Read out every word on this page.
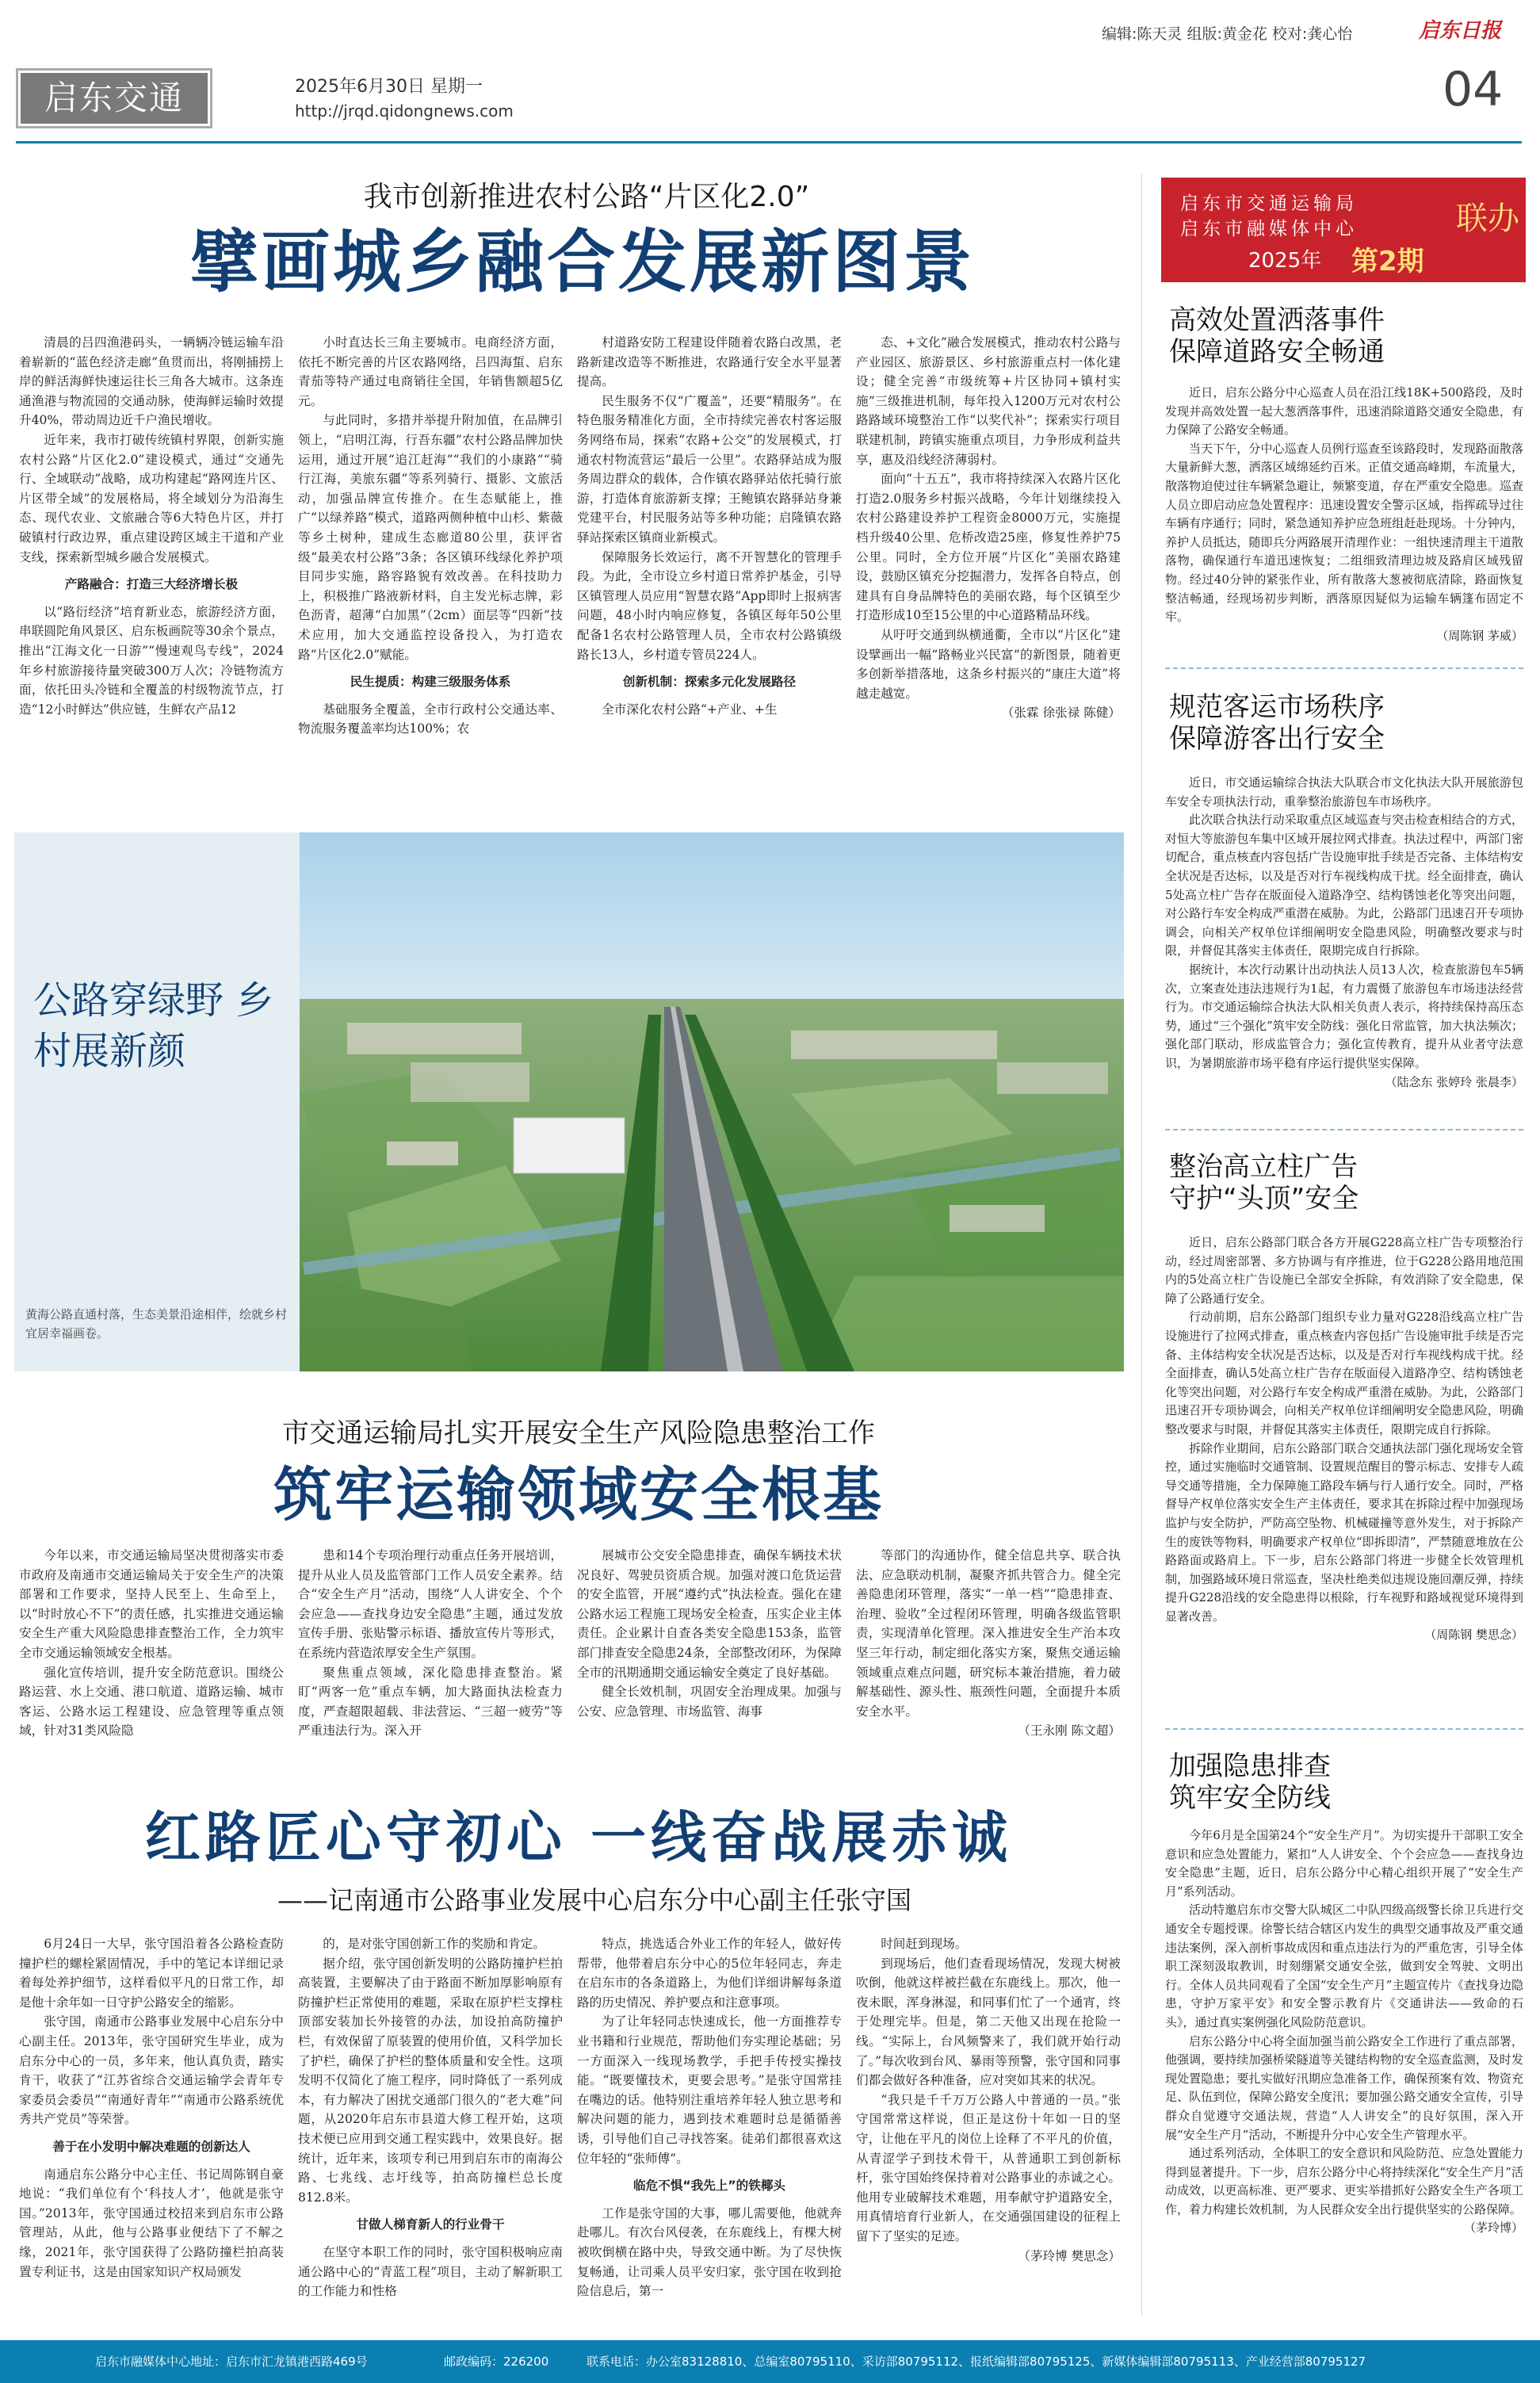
编辑:陈天灵 组版:黄金花 校对:龚心怡	启东日报
启东交通	2025年6月30日 星期一
http://jrqd.qidongnews.com	04
我市创新推进农村公路“片区化2.0”
擘画城乡融合发展新图景

清晨的吕四渔港码头，一辆辆冷链运输车沿着崭新的“蓝色经济走廊”鱼贯而出，将刚捕捞上岸的鲜活海鲜快速运往长三角各大城市。这条连通渔港与物流园的交通动脉，使海鲜运输时效提升40%，带动周边近千户渔民增收。

近年来，我市打破传统镇村界限，创新实施农村公路“片区化2.0”建设模式，通过“交通先行、全域联动”战略，成功构建起“路网连片区、片区带全域”的发展格局，将全域划分为沿海生态、现代农业、文旅融合等6大特色片区，并打破镇村行政边界，重点建设跨区域主干道和产业支线，探索新型城乡融合发展模式。

产路融合：打造三大经济增长极

以“路衍经济”培育新业态，旅游经济方面，串联圆陀角风景区、启东板画院等30余个景点，推出“江海文化一日游”“慢速观鸟专线”，2024年乡村旅游接待量突破300万人次；冷链物流方面，依托田头冷链和全覆盖的村级物流节点，打造“12小时鲜达”供应链，生鲜农产品12

小时直达长三角主要城市。电商经济方面，依托不断完善的片区农路网络，吕四海蜇、启东青茄等特产通过电商销往全国，年销售额超5亿元。

与此同时，多措并举提升附加值，在品牌引领上，“启明江海，行吾东疆”农村公路品牌加快运用，通过开展“追江赶海”“我们的小康路”“骑行江海，美旅东疆”等系列骑行、摄影、文旅活动，加强品牌宣传推介。在生态赋能上，推广“以绿养路”模式，道路两侧种植中山杉、紫薇等乡土树种，建成生态廊道80公里，获评省级“最美农村公路”3条；各区镇环线绿化养护项目同步实施，路容路貌有效改善。在科技助力上，积极推广路液新材料，自主发光标志牌，彩色沥青，超薄“白加黑”（2cm）面层等“四新”技术应用，加大交通监控设备投入，为打造农路“片区化2.0”赋能。

民生提质：构建三级服务体系

基础服务全覆盖，全市行政村公交通达率、物流服务覆盖率均达100%；农

村道路安防工程建设伴随着农路白改黑，老路新建改造等不断推进，农路通行安全水平显著提高。

民生服务不仅“广覆盖”，还要“精服务”。在特色服务精准化方面，全市持续完善农村客运服务网络布局，探索“农路+公交”的发展模式，打通农村物流营运“最后一公里”。农路驿站成为服务周边群众的载体，合作镇农路驿站依托骑行旅游，打造体育旅游新支撑；王鲍镇农路驿站身兼党建平台，村民服务站等多种功能；启隆镇农路驿站探索区镇商业新模式。

保障服务长效运行，离不开智慧化的管理手段。为此，全市设立乡村道日常养护基金，引导区镇管理人员应用“智慧农路”App即时上报病害问题，48小时内响应修复，各镇区每年50公里配备1名农村公路管理人员，全市农村公路镇级路长13人，乡村道专管员224人。

创新机制：探索多元化发展路径

全市深化农村公路“+产业、+生

态、+文化”融合发展模式，推动农村公路与产业园区、旅游景区、乡村旅游重点村一体化建设；健全完善“市级统筹+片区协同+镇村实施”三级推进机制，每年投入1200万元对农村公路路域环境整治工作“以奖代补”；探索实行项目联建机制，跨镇实施重点项目，力争形成利益共享，惠及沿线经济薄弱村。

面向“十五五”，我市将持续深入农路片区化打造2.0服务乡村振兴战略，今年计划继续投入农村公路建设养护工程资金8000万元，实施提档升级40公里、危桥改造25座，修复性养护75公里。同时，全方位开展“片区化”美丽农路建设，鼓励区镇充分挖掘潜力，发挥各自特点，创建具有自身品牌特色的美丽农路，每个区镇至少打造形成10至15公里的中心道路精品环线。

从吁吁交通到纵横通衢，全市以“片区化”建设擘画出一幅“路畅业兴民富”的新图景，随着更多创新举措落地，这条乡村振兴的“康庄大道”将越走越宽。

（张霖 徐张禄 陈健）

公路穿绿野 乡村展新颜
黄海公路直通村落，生态美景沿途相伴，绘就乡村宜居幸福画卷。
市交通运输局扎实开展安全生产风险隐患整治工作
筑牢运输领域安全根基

今年以来，市交通运输局坚决贯彻落实市委市政府及南通市交通运输局关于安全生产的决策部署和工作要求，坚持人民至上、生命至上，以“时时放心不下”的责任感，扎实推进交通运输安全生产重大风险隐患排查整治工作，全力筑牢全市交通运输领域安全根基。

强化宣传培训，提升安全防范意识。围绕公路运营、水上交通、港口航道、道路运输、城市客运、公路水运工程建设、应急管理等重点领域，针对31类风险隐

患和14个专项治理行动重点任务开展培训，提升从业人员及监管部门工作人员安全素养。结合“安全生产月”活动，围绕“人人讲安全、个个会应急——查找身边安全隐患”主题，通过发放宣传手册、张贴警示标语、播放宣传片等形式，在系统内营造浓厚安全生产氛围。

聚焦重点领域，深化隐患排查整治。紧盯“两客一危”重点车辆，加大路面执法检查力度，严查超限超载、非法营运、“三超一疲劳”等严重违法行为。深入开

展城市公交安全隐患排查，确保车辆技术状况良好、驾驶员资质合规。加强对渡口危货运营的安全监管，开展“遵约式”执法检查。强化在建公路水运工程施工现场安全检查，压实企业主体责任。企业累计自查各类安全隐患153条，监管部门排查安全隐患24条，全部整改闭环，为保障全市的汛期通期交通运输安全奠定了良好基础。

健全长效机制，巩固安全治理成果。加强与公安、应急管理、市场监管、海事

等部门的沟通协作，健全信息共享、联合执法、应急联动机制，凝聚齐抓共管合力。健全完善隐患闭环管理，落实“一单一档”“隐患排查、治理、验收”全过程闭环管理，明确各级监管职责，实现清单化管理。深入推进安全生产治本攻坚三年行动，制定细化落实方案，聚焦交通运输领域重点难点问题，研究标本兼治措施，着力破解基础性、源头性、瓶颈性问题，全面提升本质安全水平。

（王永刚 陈文超）

红路匠心守初心 一线奋战展赤诚
——记南通市公路事业发展中心启东分中心副主任张守国

6月24日一大早，张守国沿着各公路检查防撞护栏的螺栓紧固情况，手中的笔记本详细记录着每处养护细节，这样看似平凡的日常工作，却是他十余年如一日守护公路安全的缩影。

张守国，南通市公路事业发展中心启东分中心副主任。2013年，张守国研究生毕业，成为启东分中心的一员，多年来，他认真负责，踏实肯干，收获了“江苏省综合交通运输学会青年专家委员会委员”“南通好青年”“南通市公路系统优秀共产党员”等荣誉。

善于在小发明中解决难题的创新达人

南通启东公路分中心主任、书记周陈钢自豪地说：“我们单位有个‘科技人才’，他就是张守国。”2013年，张守国通过校招来到启东市公路管理站，从此，他与公路事业便结下了不解之缘，2021年，张守国获得了公路防撞栏拍高装置专利证书，这是由国家知识产权局颁发

的，是对张守国创新工作的奖励和肯定。

据介绍，张守国创新发明的公路防撞护栏拍高装置，主要解决了由于路面不断加厚影响原有防撞护栏正常使用的难题，采取在原护栏支撑柱顶部安装加长外接管的办法，加设拍高防撞护栏，有效保留了原装置的使用价值，又科学加长了护栏，确保了护栏的整体质量和安全性。这项发明不仅简化了施工程序，同时降低了一系列成本，有力解决了困扰交通部门很久的“老大难”问题，从2020年启东市县道大修工程开始，这项技术便已应用到交通工程实践中，效果良好。据统计，近年来，该项专利已用到启东市的南海公路、七兆线、志圩线等，拍高防撞栏总长度812.8米。

甘做人梯育新人的行业骨干

在坚守本职工作的同时，张守国积极响应南通公路中心的“青蓝工程”项目，主动了解新职工的工作能力和性格

特点，挑选适合外业工作的年轻人，做好传帮带，他带着启东分中心的5位年轻同志，奔走在启东市的各条道路上，为他们详细讲解每条道路的历史情况、养护要点和注意事项。

为了让年轻同志快速成长，他一方面推荐专业书籍和行业规范，帮助他们夯实理论基础；另一方面深入一线现场教学，手把手传授实操技能。“既要懂技术，更要会思考。”是张守国常挂在嘴边的话。他特别注重培养年轻人独立思考和解决问题的能力，遇到技术难题时总是循循善诱，引导他们自己寻找答案。徒弟们都很喜欢这位年轻的“张师傅”。

临危不惧“我先上”的铁椰头

工作是张守国的大事，哪儿需要他，他就奔赴哪儿。有次台风侵袭，在东鹿线上，有棵大树被吹倒横在路中央，导致交通中断。为了尽快恢复畅通，让司乘人员平安归家，张守国在收到抢险信息后，第一

时间赶到现场。

到现场后，他们查看现场情况，发现大树被吹倒，他就这样被拦截在东鹿线上。那次，他一夜未眠，浑身淋湿，和同事们忙了一个通宵，终于处理完毕。但是，第二天他又出现在抢险一线。“实际上，台风频警来了，我们就开始行动了。”每次收到台风、暴雨等预警，张守国和同事们都会做好各种准备，应对突如其来的状况。

“我只是千千万万公路人中普通的一员。”张守国常常这样说，但正是这份十年如一日的坚守，让他在平凡的岗位上诠释了不平凡的价值，从青涩学子到技术骨干，从普通职工到创新标杆，张守国始终保持着对公路事业的赤诚之心。他用专业破解技术难题，用奉献守护道路安全，用真情培育行业新人，在交通强国建设的征程上留下了坚实的足迹。

（茅玲博 樊思念）

启东市交通运输局
启东市融媒体中心	联办
2025年 第2期
高效处置洒落事件
保障道路安全畅通

近日，启东公路分中心巡查人员在沿江线18K+500路段，及时发现并高效处置一起大葱洒落事件，迅速消除道路交通安全隐患，有力保障了公路安全畅通。

当天下午，分中心巡查人员例行巡查至该路段时，发现路面散落大量新鲜大葱，洒落区域绵延约百米。正值交通高峰期，车流量大，散落物迫使过往车辆紧急避让，频繁变道，存在严重安全隐患。巡查人员立即启动应急处置程序：迅速设置安全警示区域，指挥疏导过往车辆有序通行；同时，紧急通知养护应急班组赶赴现场。十分钟内，养护人员抵达，随即兵分两路展开清理作业：一组快速清理主干道散落物，确保通行车道迅速恢复；二组细致清理边坡及路肩区域残留物。经过40分钟的紧张作业，所有散落大葱被彻底清除，路面恢复整洁畅通，经现场初步判断，洒落原因疑似为运输车辆篷布固定不牢。

（周陈钢 茅威）

规范客运市场秩序
保障游客出行安全

近日，市交通运输综合执法大队联合市文化执法大队开展旅游包车安全专项执法行动，重拳整治旅游包车市场秩序。

此次联合执法行动采取重点区域巡查与突击检查相结合的方式，对恒大等旅游包车集中区域开展拉网式排查。执法过程中，两部门密切配合，重点核查内容包括广告设施审批手续是否完备、主体结构安全状况是否达标，以及是否对行车视线构成干扰。经全面排查，确认5处高立柱广告存在版面侵入道路净空、结构锈蚀老化等突出问题，对公路行车安全构成严重潜在威胁。为此，公路部门迅速召开专项协调会，向相关产权单位详细阐明安全隐患风险，明确整改要求与时限，并督促其落实主体责任，限期完成自行拆除。

据统计，本次行动累计出动执法人员13人次，检查旅游包车5辆次，立案查处违法违规行为1起，有力震慑了旅游包车市场违法经营行为。市交通运输综合执法大队相关负责人表示，将持续保持高压态势，通过“三个强化”筑牢安全防线：强化日常监管，加大执法频次；强化部门联动，形成监管合力；强化宣传教育，提升从业者守法意识，为暑期旅游市场平稳有序运行提供坚实保障。

（陆念东 张婷玲 张晨李）

整治高立柱广告
守护“头顶”安全

近日，启东公路部门联合各方开展G228高立柱广告专项整治行动，经过周密部署、多方协调与有序推进，位于G228公路用地范围内的5处高立柱广告设施已全部安全拆除，有效消除了安全隐患，保障了公路通行安全。

行动前期，启东公路部门组织专业力量对G228沿线高立柱广告设施进行了拉网式排查，重点核查内容包括广告设施审批手续是否完备、主体结构安全状况是否达标，以及是否对行车视线构成干扰。经全面排查，确认5处高立柱广告存在版面侵入道路净空、结构锈蚀老化等突出问题，对公路行车安全构成严重潜在威胁。为此，公路部门迅速召开专项协调会，向相关产权单位详细阐明安全隐患风险，明确整改要求与时限，并督促其落实主体责任，限期完成自行拆除。

拆除作业期间，启东公路部门联合交通执法部门强化现场安全管控，通过实施临时交通管制、设置规范醒目的警示标志、安排专人疏导交通等措施，全力保障施工路段车辆与行人通行安全。同时，严格督导产权单位落实安全生产主体责任，要求其在拆除过程中加强现场监护与安全防护，严防高空坠物、机械碰撞等意外发生，对于拆除产生的废铁等物料，明确要求产权单位“即拆即清”，严禁随意堆放在公路路面或路肩上。下一步，启东公路部门将进一步健全长效管理机制，加强路域环境日常巡查，坚决杜绝类似违规设施回潮反弹，持续提升G228沿线的安全隐患得以根除，行车视野和路域视觉环境得到显著改善。

（周陈钢 樊思念）

加强隐患排查
筑牢安全防线

今年6月是全国第24个“安全生产月”。为切实提升干部职工安全意识和应急处置能力，紧扣“人人讲安全、个个会应急——查找身边安全隐患”主题，近日，启东公路分中心精心组织开展了“安全生产月”系列活动。

活动特邀启东市交警大队城区二中队四级高级警长徐卫兵进行交通安全专题授课。徐警长结合辖区内发生的典型交通事故及严重交通违法案例，深入剖析事故成因和重点违法行为的严重危害，引导全体职工深刻汲取教训，时刻绷紧交通安全弦，做到安全驾驶、文明出行。全体人员共同观看了全国“安全生产月”主题宣传片《查找身边隐患，守护万家平安》和安全警示教育片《交通讲法——致命的石头》，通过真实案例强化风险防范意识。

启东公路分中心将全面加强当前公路安全工作进行了重点部署，他强调，要持续加强桥梁隧道等关键结构物的安全巡查监测，及时发现处置隐患；要扎实做好汛期应急准备工作，确保预案有效、物资充足、队伍到位，保障公路安全度汛；要加强公路交通安全宣传，引导群众自觉遵守交通法规，营造“人人讲安全”的良好氛围，深入开展“安全生产月”活动，不断提升分中心安全生产管理水平。

通过系列活动，全体职工的安全意识和风险防范、应急处置能力得到显著提升。下一步，启东公路分中心将持续深化“安全生产月”活动成效，以更高标准、更严要求、更实举措抓好公路安全生产各项工作，着力构建长效机制，为人民群众安全出行提供坚实的公路保障。

（茅玲博）

启东市融媒体中心地址：启东市汇龙镇港西路469号	邮政编码：226200	联系电话：办公室83128810、总编室80795110、采访部80795112、报纸编辑部80795125、新媒体编辑部80795113、产业经营部80795127
